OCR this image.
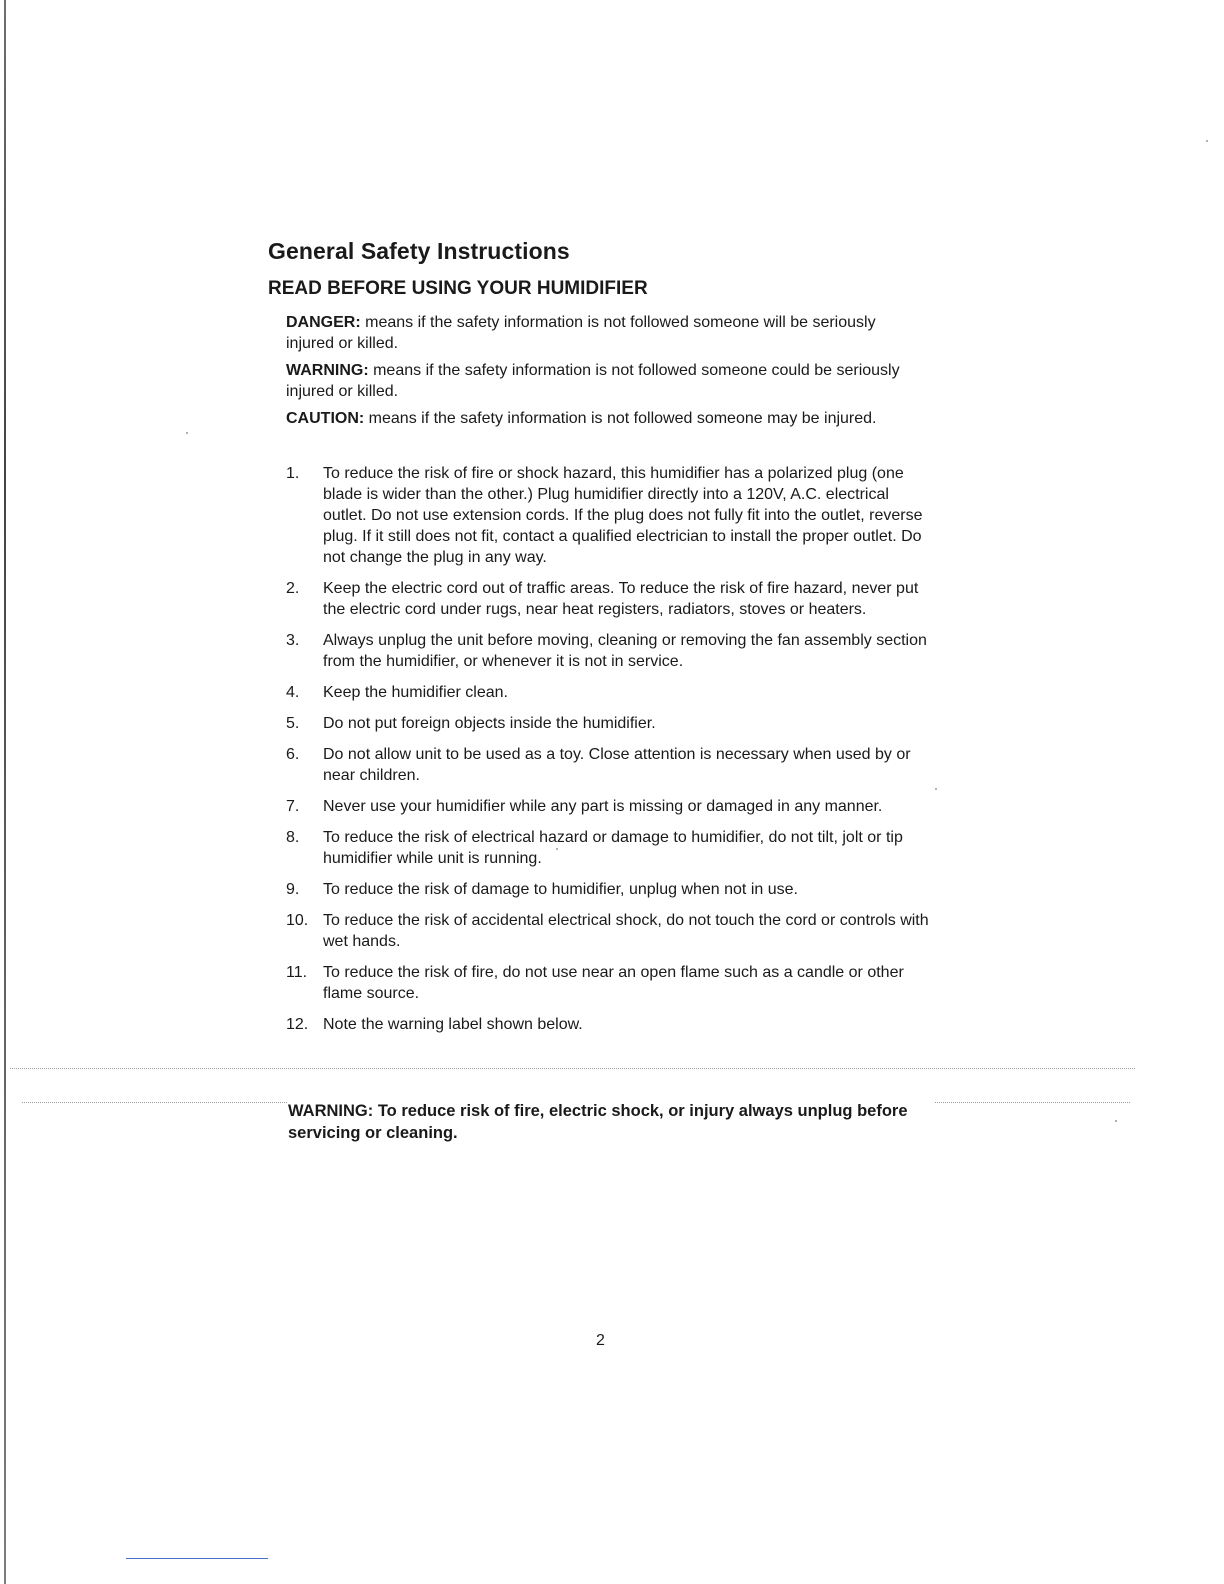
General Safety Instructions
READ BEFORE USING YOUR HUMIDIFIER

DANGER: means if the safety information is not followed someone will be seriously injured or killed.

WARNING: means if the safety information is not followed someone could be seriously injured or killed.

CAUTION: means if the safety information is not followed someone may be injured.

1.	To reduce the risk of fire or shock hazard, this humidifier has a polarized plug (one blade is wider than the other.) Plug humidifier directly into a 120V, A.C. electrical outlet. Do not use extension cords. If the plug does not fully fit into the outlet, reverse plug. If it still does not fit, contact a qualified electrician to install the proper outlet. Do not change the plug in any way.
2.	Keep the electric cord out of traffic areas. To reduce the risk of fire hazard, never put the electric cord under rugs, near heat registers, radiators, stoves or heaters.
3.	Always unplug the unit before moving, cleaning or removing the fan assembly section from the humidifier, or whenever it is not in service.
4.	Keep the humidifier clean.
5.	Do not put foreign objects inside the humidifier.
6.	Do not allow unit to be used as a toy. Close attention is necessary when used by or near children.
7.	Never use your humidifier while any part is missing or damaged in any manner.
8.	To reduce the risk of electrical hazard or damage to humidifier, do not tilt, jolt or tip humidifier while unit is running.
9.	To reduce the risk of damage to humidifier, unplug when not in use.
10. To reduce the risk of accidental electrical shock, do not touch the cord or controls with wet hands.
11. To reduce the risk of fire, do not use near an open flame such as a candle or other flame source.
12. Note the warning label shown below.

WARNING: To reduce risk of fire, electric shock, or injury always unplug before servicing or cleaning.

2
